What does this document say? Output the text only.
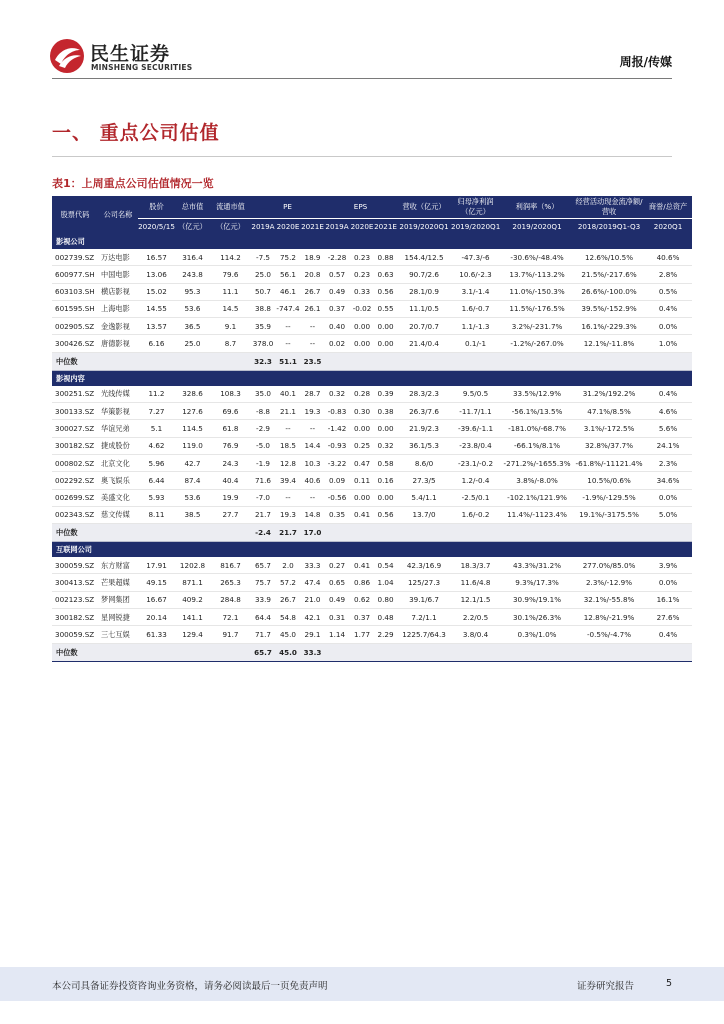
民生证券
MINSHENG SECURITIES	周报/传媒
一、 重点公司估值
表1：上周重点公司估值情况一览
股票代码	公司名称	股价	总市值	流通市值	PE			EPS			营收（亿元）	归母净利润（亿元）	利润率（%）	经营活动现金流净额/营收	商誉/总资产
		2020/5/15	（亿元）	（亿元）	2019A	2020E	2021E	2019A	2020E	2021E	2019/2020Q1	2019/2020Q1	2019/2020Q1	2018/2019Q1-Q3	2020Q1
影视公司															
002739.SZ	万达电影	16.57	316.4	114.2	-7.5	75.2	18.9	-2.28	0.23	0.88	154.4/12.5	-47.3/-6	-30.6%/-48.4%	12.6%/10.5%	40.6%
600977.SH	中国电影	13.06	243.8	79.6	25.0	56.1	20.8	0.57	0.23	0.63	90.7/2.6	10.6/-2.3	13.7%/-113.2%	21.5%/-217.6%	2.8%
603103.SH	横店影视	15.02	95.3	11.1	50.7	46.1	26.7	0.49	0.33	0.56	28.1/0.9	3.1/-1.4	11.0%/-150.3%	26.6%/-100.0%	0.5%
601595.SH	上海电影	14.55	53.6	14.5	38.8	-747.4	26.1	0.37	-0.02	0.55	11.1/0.5	1.6/-0.7	11.5%/-176.5%	39.5%/-152.9%	0.4%
002905.SZ	金逸影视	13.57	36.5	9.1	35.9	--	--	0.40	0.00	0.00	20.7/0.7	1.1/-1.3	3.2%/-231.7%	16.1%/-229.3%	0.0%
300426.SZ	唐德影视	6.16	25.0	8.7	378.0	--	--	0.02	0.00	0.00	21.4/0.4	0.1/-1	-1.2%/-267.0%	12.1%/-11.8%	1.0%
中位数					32.3	51.1	23.5								
影视内容															
300251.SZ	光线传媒	11.2	328.6	108.3	35.0	40.1	28.7	0.32	0.28	0.39	28.3/2.3	9.5/0.5	33.5%/12.9%	31.2%/192.2%	0.4%
300133.SZ	华策影视	7.27	127.6	69.6	-8.8	21.1	19.3	-0.83	0.30	0.38	26.3/7.6	-11.7/1.1	-56.1%/13.5%	47.1%/8.5%	4.6%
300027.SZ	华谊兄弟	5.1	114.5	61.8	-2.9	--	--	-1.42	0.00	0.00	21.9/2.3	-39.6/-1.1	-181.0%/-68.7%	3.1%/-172.5%	5.6%
300182.SZ	捷成股份	4.62	119.0	76.9	-5.0	18.5	14.4	-0.93	0.25	0.32	36.1/5.3	-23.8/0.4	-66.1%/8.1%	32.8%/37.7%	24.1%
000802.SZ	北京文化	5.96	42.7	24.3	-1.9	12.8	10.3	-3.22	0.47	0.58	8.6/0	-23.1/-0.2	-271.2%/-1655.3%	-61.8%/-11121.4%	2.3%
002292.SZ	奥飞娱乐	6.44	87.4	40.4	71.6	39.4	40.6	0.09	0.11	0.16	27.3/5	1.2/-0.4	3.8%/-8.0%	10.5%/0.6%	34.6%
002699.SZ	美盛文化	5.93	53.6	19.9	-7.0	--	--	-0.56	0.00	0.00	5.4/1.1	-2.5/0.1	-102.1%/121.9%	-1.9%/-129.5%	0.0%
002343.SZ	慈文传媒	8.11	38.5	27.7	21.7	19.3	14.8	0.35	0.41	0.56	13.7/0	1.6/-0.2	11.4%/-1123.4%	19.1%/-3175.5%	5.0%
中位数					-2.4	21.7	17.0								
互联网公司															
300059.SZ	东方财富	17.91	1202.8	816.7	65.7	2.0	33.3	0.27	0.41	0.54	42.3/16.9	18.3/3.7	43.3%/31.2%	277.0%/85.0%	3.9%
300413.SZ	芒果超媒	49.15	871.1	265.3	75.7	57.2	47.4	0.65	0.86	1.04	125/27.3	11.6/4.8	9.3%/17.3%	2.3%/-12.9%	0.0%
002123.SZ	梦网集团	16.67	409.2	284.8	33.9	26.7	21.0	0.49	0.62	0.80	39.1/6.7	12.1/1.5	30.9%/19.1%	32.1%/-55.8%	16.1%
300182.SZ	星网锐捷	20.14	141.1	72.1	64.4	54.8	42.1	0.31	0.37	0.48	7.2/1.1	2.2/0.5	30.1%/26.3%	12.8%/-21.9%	27.6%
300059.SZ	三七互娱	61.33	129.4	91.7	71.7	45.0	29.1	1.14	1.77	2.29	1225.7/64.3	3.8/0.4	0.3%/1.0%	-0.5%/-4.7%	0.4%
中位数					65.7	45.0	33.3								
本公司具备证券投资咨询业务资格，请务必阅读最后一页免责声明	证券研究报告	5
